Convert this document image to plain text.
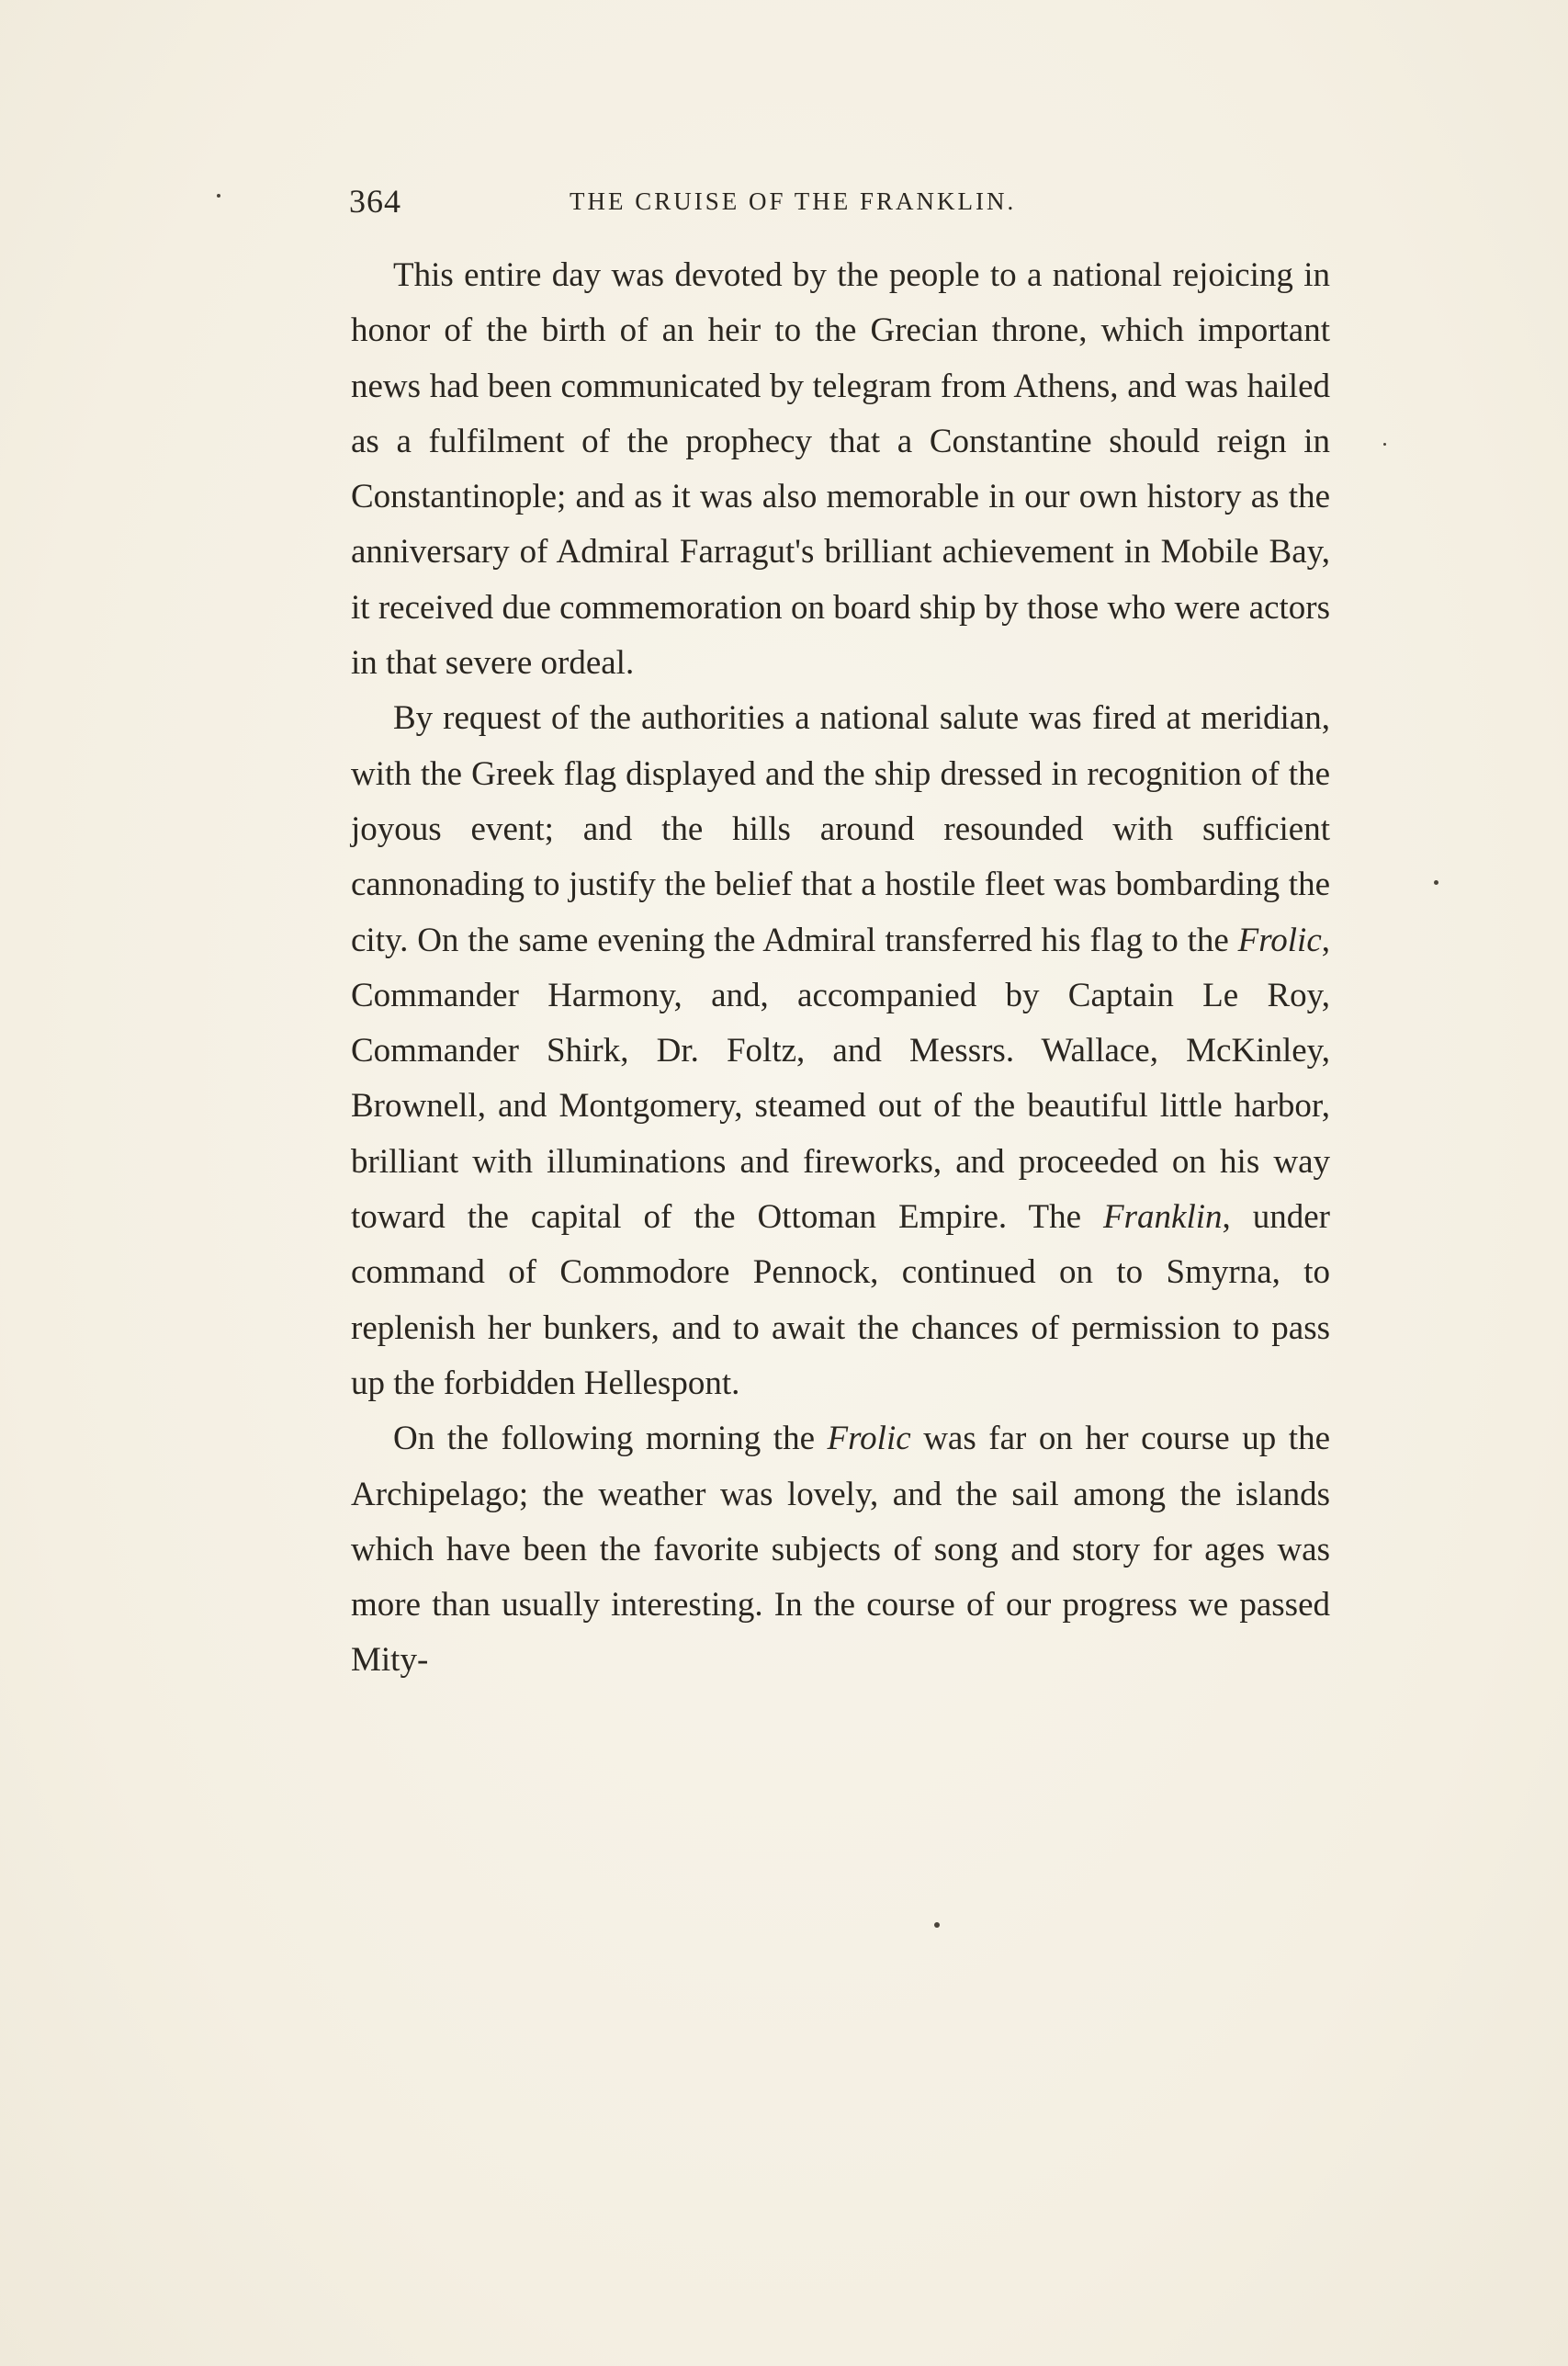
364	THE CRUISE OF THE FRANKLIN.

This entire day was devoted by the people to a national rejoicing in honor of the birth of an heir to the Grecian throne, which important news had been communicated by telegram from Athens, and was hailed as a fulfilment of the prophecy that a Constantine should reign in Constantinople; and as it was also memorable in our own history as the anniversary of Admiral Farragut's brilliant achievement in Mobile Bay, it received due commemoration on board ship by those who were actors in that severe ordeal.

By request of the authorities a national salute was fired at meridian, with the Greek flag displayed and the ship dressed in recognition of the joyous event; and the hills around resounded with sufficient cannonading to justify the belief that a hostile fleet was bombarding the city. On the same evening the Admiral transferred his flag to the Frolic, Commander Harmony, and, accompanied by Captain Le Roy, Commander Shirk, Dr. Foltz, and Messrs. Wallace, McKinley, Brownell, and Montgomery, steamed out of the beautiful little harbor, brilliant with illuminations and fireworks, and proceeded on his way toward the capital of the Ottoman Empire. The Franklin, under command of Commodore Pennock, continued on to Smyrna, to replenish her bunkers, and to await the chances of permission to pass up the forbidden Hellespont.

On the following morning the Frolic was far on her course up the Archipelago; the weather was lovely, and the sail among the islands which have been the favorite subjects of song and story for ages was more than usually interesting. In the course of our progress we passed Mity-
